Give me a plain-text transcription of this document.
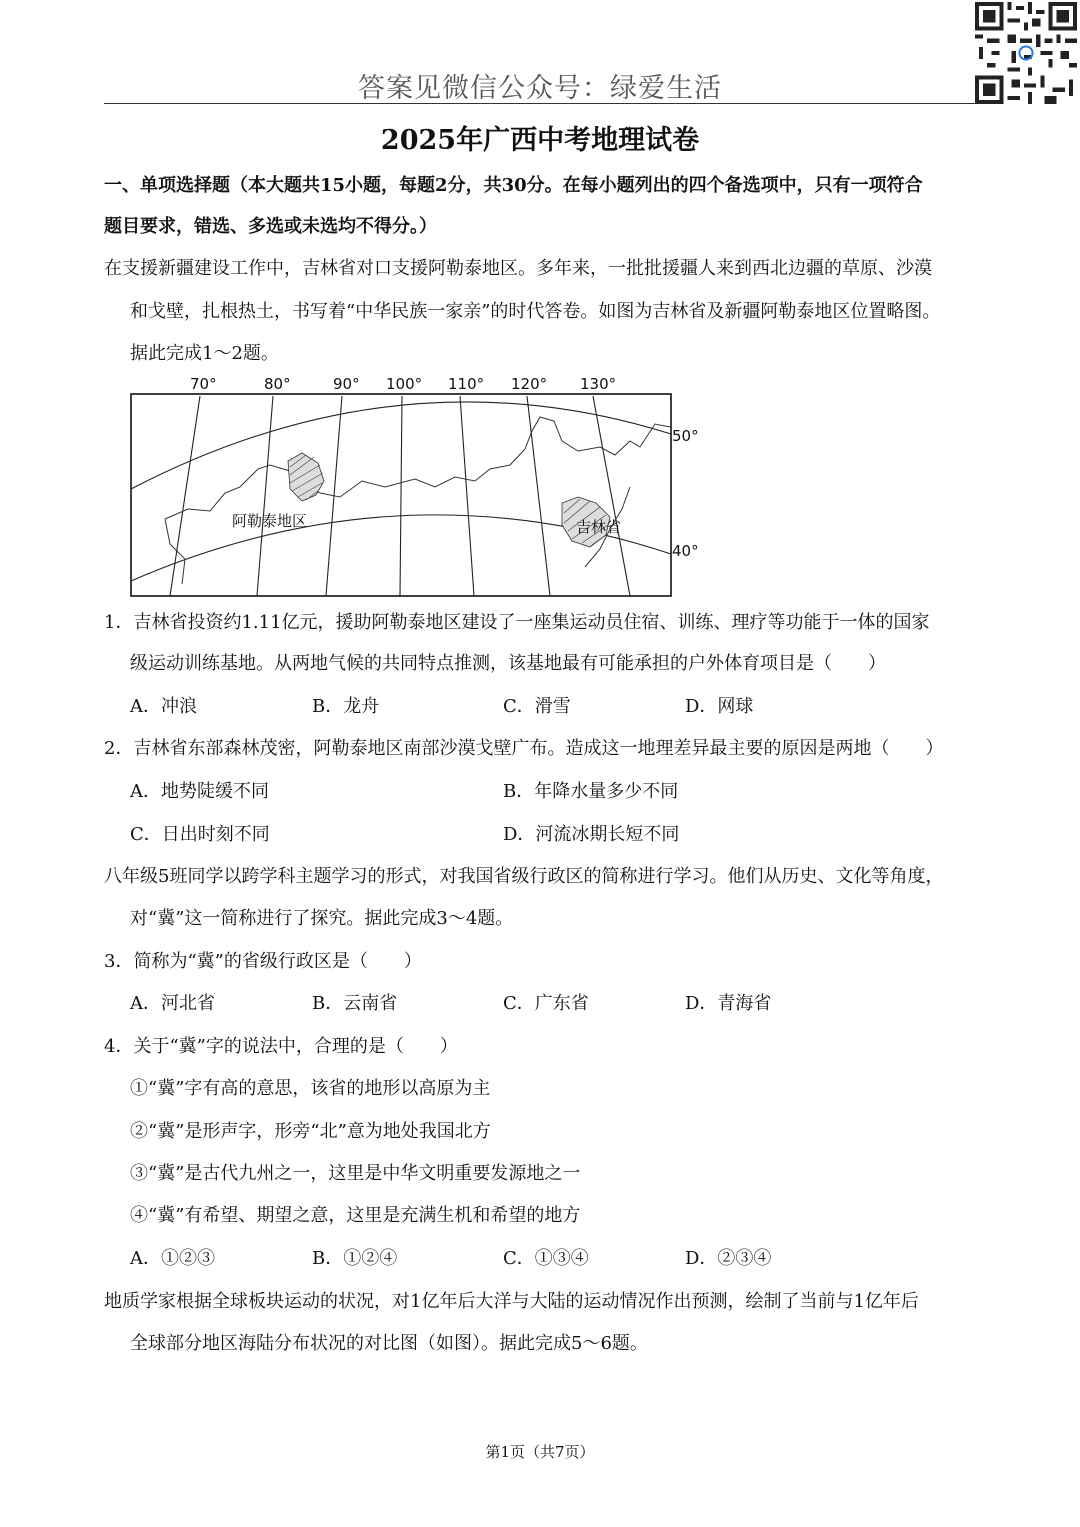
答案见微信公众号：绿爱生活
2025年广西中考地理试卷
一、单项选择题（本大题共15小题，每题2分，共30分。在每小题列出的四个备选项中，只有一项符合
题目要求，错选、多选或未选均不得分。）
在支援新疆建设工作中，吉林省对口支援阿勒泰地区。多年来，一批批援疆人来到西北边疆的草原、沙漠
和戈壁，扎根热土，书写着“中华民族一家亲”的时代答卷。如图为吉林省及新疆阿勒泰地区位置略图。
据此完成1～2题。
70°	80°	90° 100° 110° 120° 130°
50°
40°
阿勒泰地区	吉林省
1．吉林省投资约1.11亿元，援助阿勒泰地区建设了一座集运动员住宿、训练、理疗等功能于一体的国家
级运动训练基地。从两地气候的共同特点推测，该基地最有可能承担的户外体育项目是（　　）
A．冲浪	B．龙舟	C．滑雪	D．网球
2．吉林省东部森林茂密，阿勒泰地区南部沙漠戈壁广布。造成这一地理差异最主要的原因是两地（　　）
A．地势陡缓不同	B．年降水量多少不同
C．日出时刻不同	D．河流冰期长短不同
八年级5班同学以跨学科主题学习的形式，对我国省级行政区的简称进行学习。他们从历史、文化等角度，
对“冀”这一简称进行了探究。据此完成3～4题。
3．简称为“冀”的省级行政区是（　　）
A．河北省	B．云南省	C．广东省	D．青海省
4．关于“冀”字的说法中，合理的是（　　）
①“冀”字有高的意思，该省的地形以高原为主
②“冀”是形声字，形旁“北”意为地处我国北方
③“冀”是古代九州之一，这里是中华文明重要发源地之一
④“冀”有希望、期望之意，这里是充满生机和希望的地方
A．①②③	B．①②④	C．①③④	D．②③④
地质学家根据全球板块运动的状况，对1亿年后大洋与大陆的运动情况作出预测，绘制了当前与1亿年后
全球部分地区海陆分布状况的对比图（如图）。据此完成5～6题。
第1页（共7页）
